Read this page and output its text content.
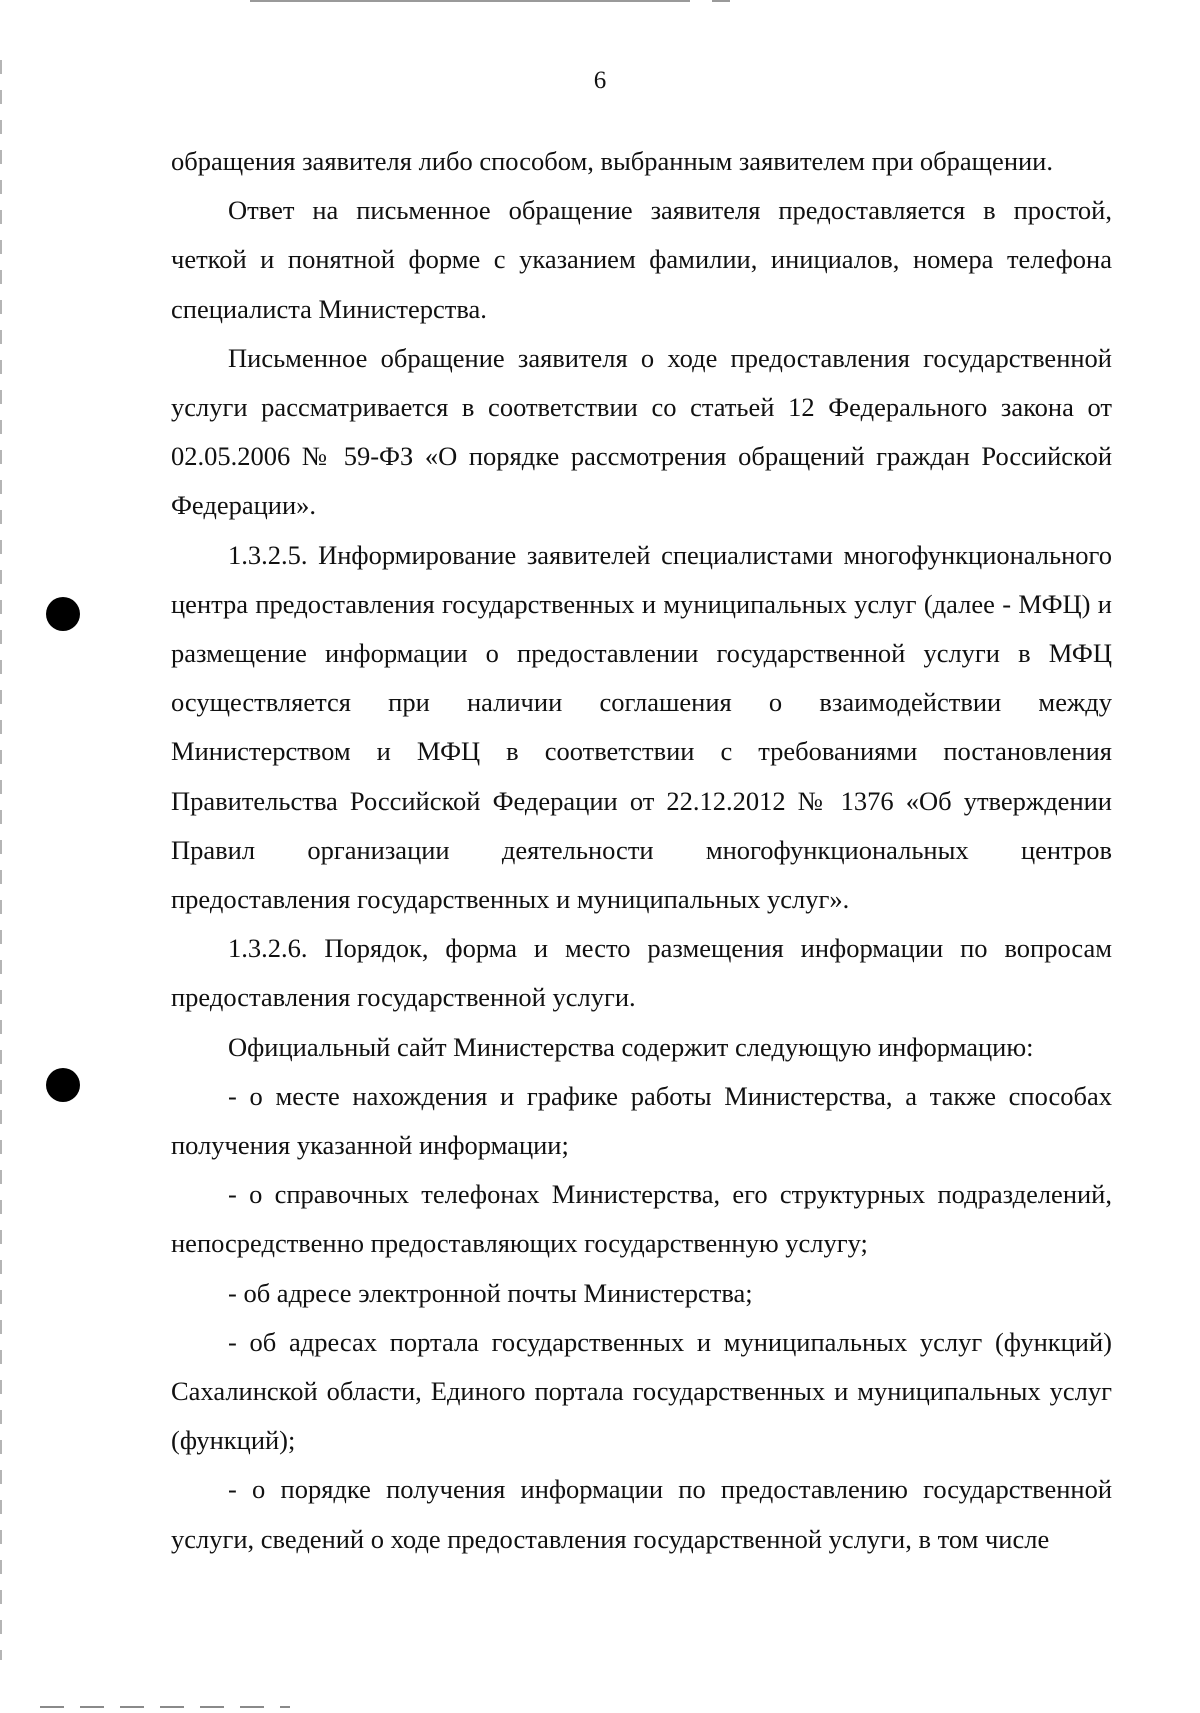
6

обращения заявителя либо способом, выбранным заявителем при обращении.

Ответ на письменное обращение заявителя предоставляется в простой, четкой и понятной форме с указанием фамилии, инициалов, номера телефона специалиста Министерства.

Письменное обращение заявителя о ходе предоставления государственной услуги рассматривается в соответствии со статьей 12 Федерального закона от 02.05.2006 № 59-ФЗ «О порядке рассмотрения обращений граждан Российской Федерации».

1.3.2.5. Информирование заявителей специалистами многофункционального центра предоставления государственных и муниципальных услуг (далее - МФЦ) и размещение информации о предоставлении государственной услуги в МФЦ осуществляется при наличии соглашения о взаимодействии между Министерством и МФЦ в соответствии с требованиями постановления Правительства Российской Федерации от 22.12.2012 № 1376 «Об утверждении Правил организации деятельности многофункциональных центров предоставления государственных и муниципальных услуг».

1.3.2.6. Порядок, форма и место размещения информации по вопросам предоставления государственной услуги.

Официальный сайт Министерства содержит следующую информацию:

- о месте нахождения и графике работы Министерства, а также способах получения указанной информации;

- о справочных телефонах Министерства, его структурных подразделений, непосредственно предоставляющих государственную услугу;

- об адресе электронной почты Министерства;

- об адресах портала государственных и муниципальных услуг (функций) Сахалинской области, Единого портала государственных и муниципальных услуг (функций);

- о порядке получения информации по предоставлению государственной услуги, сведений о ходе предоставления государственной услуги, в том числе
